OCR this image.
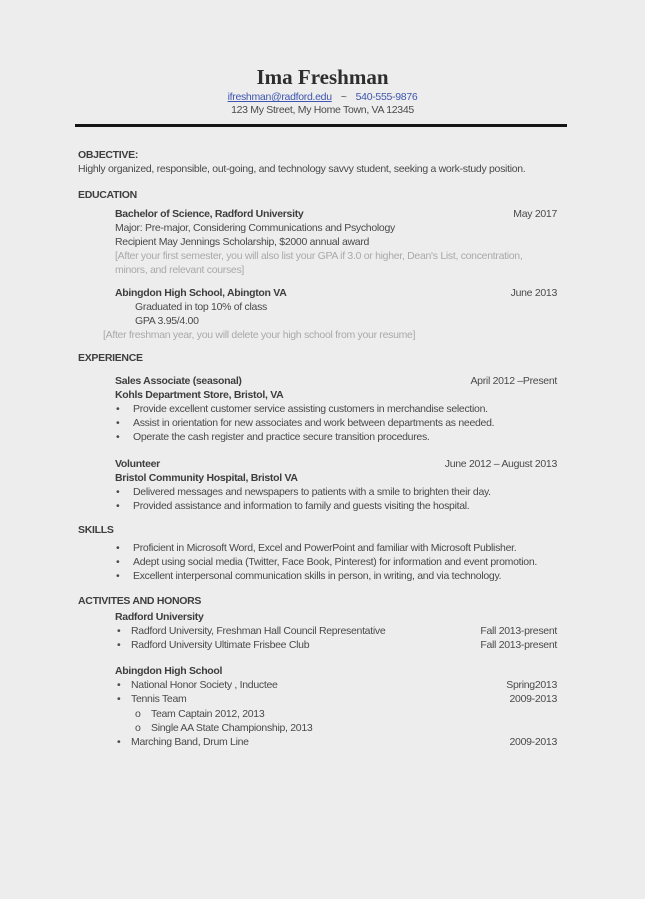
Ima Freshman
ifreshman@radford.edu ~ 540-555-9876
123 My Street, My Home Town, VA 12345
OBJECTIVE:
Highly organized, responsible, out-going, and technology savvy student, seeking a work-study position.
EDUCATION
Bachelor of Science, Radford University	May 2017
Major: Pre-major, Considering Communications and Psychology
Recipient May Jennings Scholarship, $2000 annual award
[After your first semester, you will also list your GPA if 3.0 or higher, Dean's List, concentration, minors, and relevant courses]
Abingdon High School, Abington VA	June 2013
Graduated in top 10% of class
GPA 3.95/4.00
[After freshman year, you will delete your high school from your resume]
EXPERIENCE
Sales Associate (seasonal)	April 2012 –Present
Kohls Department Store, Bristol, VA
•	Provide excellent customer service assisting customers in merchandise selection.
•	Assist in orientation for new associates and work between departments as needed.
•	Operate the cash register and practice secure transition procedures.
Volunteer	June 2012 – August 2013
Bristol Community Hospital, Bristol VA
•	Delivered messages and newspapers to patients with a smile to brighten their day.
•	Provided assistance and information to family and guests visiting the hospital.
SKILLS
•	Proficient in Microsoft Word, Excel and PowerPoint and familiar with Microsoft Publisher.
•	Adept using social media (Twitter, Face Book, Pinterest) for information and event promotion.
•	Excellent interpersonal communication skills in person, in writing, and via technology.
ACTIVITES AND HONORS
Radford University
•	Radford University, Freshman Hall Council Representative	Fall 2013-present
•	Radford University Ultimate Frisbee Club	Fall 2013-present
Abingdon High School
•	National Honor Society , Inductee	Spring2013
•	Tennis Team	2009-2013
o Team Captain 2012, 2013
o Single AA State Championship, 2013
•	Marching Band, Drum Line	2009-2013
